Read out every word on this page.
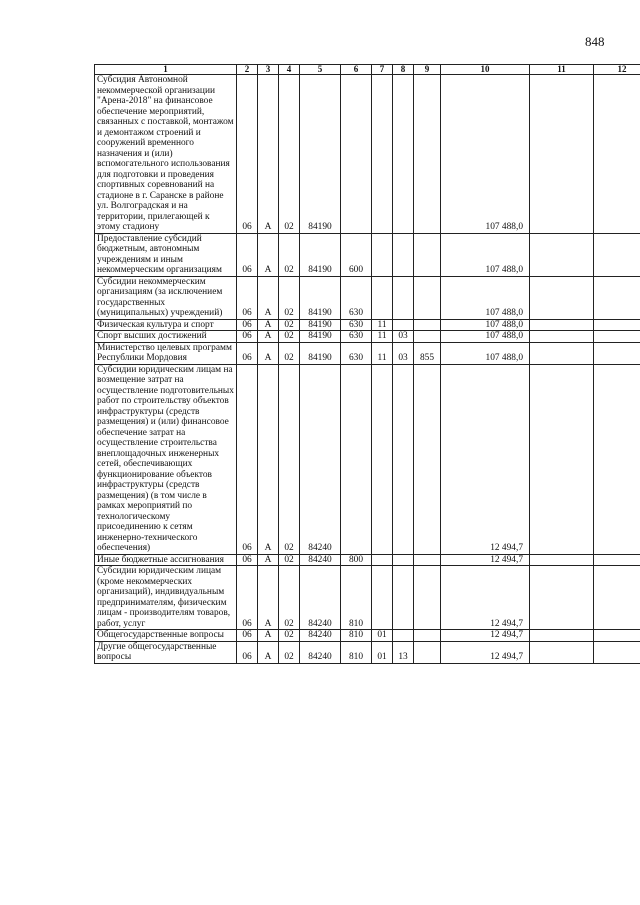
848
1	2	3	4	5	6	7	8	9	10	11	12
Субсидия Автономной некоммерческой организации "Арена-2018" на финансовое обеспечение мероприятий, связанных с поставкой, монтажом и демонтажом строений и сооружений временного назначения и (или) вспомогательного использования для подготовки и проведения спортивных соревнований на стадионе в г. Саранске в районе ул. Волгоградская и на территории, прилегающей к этому стадиону	06	А	02	84190					107 488,0		
Предоставление субсидий бюджетным, автономным учреждениям и иным некоммерческим организациям	06	А	02	84190	600				107 488,0		
Субсидии некоммерческим организациям (за исключением государственных (муниципальных) учреждений)	06	А	02	84190	630				107 488,0		
Физическая культура и спорт	06	А	02	84190	630	11			107 488,0		
Спорт высших достижений	06	А	02	84190	630	11	03		107 488,0		
Министерство целевых программ Республики Мордовия	06	А	02	84190	630	11	03	855	107 488,0		
Субсидии юридическим лицам на возмещение затрат на осуществление подготовительных работ по строительству объектов инфраструктуры (средств размещения) и (или) финансовое обеспечение затрат на осуществление строительства внеплощадочных инженерных сетей, обеспечивающих функционирование объектов инфраструктуры (средств размещения) (в том числе в рамках мероприятий по технологическому присоединению к сетям инженерно-технического обеспечения)	06	А	02	84240					12 494,7		
Иные бюджетные ассигнования	06	А	02	84240	800				12 494,7		
Субсидии юридическим лицам (кроме некоммерческих организаций), индивидуальным предпринимателям, физическим лицам - производителям товаров, работ, услуг	06	А	02	84240	810				12 494,7		
Общегосударственные вопросы	06	А	02	84240	810	01			12 494,7		
Другие общегосударственные вопросы	06	А	02	84240	810	01	13		12 494,7		
